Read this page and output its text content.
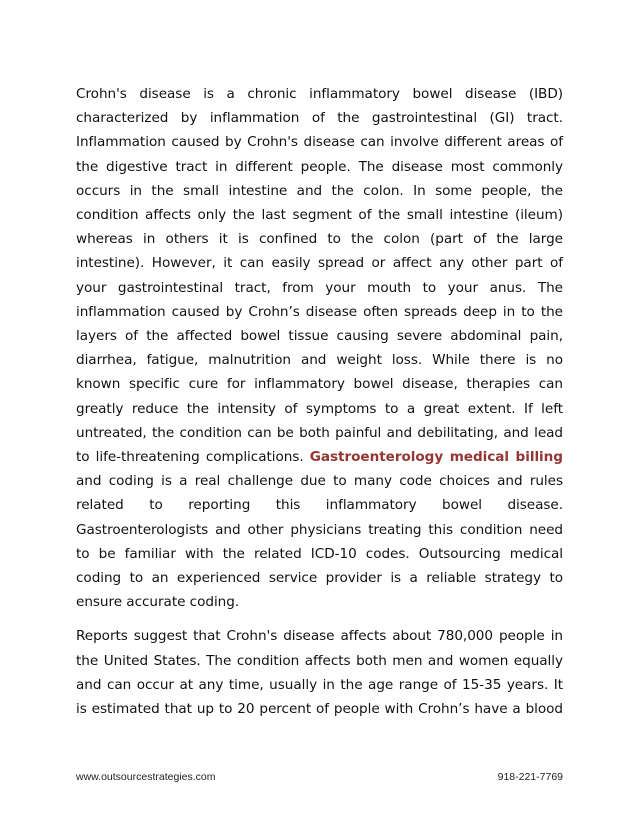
Crohn's disease is a chronic inflammatory bowel disease (IBD)
characterized by inflammation of the gastrointestinal (GI) tract.
Inflammation caused by Crohn's disease can involve different areas of
the digestive tract in different people. The disease most commonly
occurs in the small intestine and the colon. In some people, the
condition affects only the last segment of the small intestine (ileum)
whereas in others it is confined to the colon (part of the large
intestine). However, it can easily spread or affect any other part of
your gastrointestinal tract, from your mouth to your anus. The
inflammation caused by Crohn’s disease often spreads deep in to the
layers of the affected bowel tissue causing severe abdominal pain,
diarrhea, fatigue, malnutrition and weight loss. While there is no
known specific cure for inflammatory bowel disease, therapies can
greatly reduce the intensity of symptoms to a great extent. If left
untreated, the condition can be both painful and debilitating, and lead
to life-threatening complications. Gastroenterology medical billing
and coding is a real challenge due to many code choices and rules
related to reporting this inflammatory bowel disease.
Gastroenterologists and other physicians treating this condition need
to be familiar with the related ICD-10 codes. Outsourcing medical
coding to an experienced service provider is a reliable strategy to
ensure accurate coding.

Reports suggest that Crohn's disease affects about 780,000 people in
the United States. The condition affects both men and women equally
and can occur at any time, usually in the age range of 15-35 years. It
is estimated that up to 20 percent of people with Crohn’s have a blood

www.outsourcestrategies.com	918-221-7769
